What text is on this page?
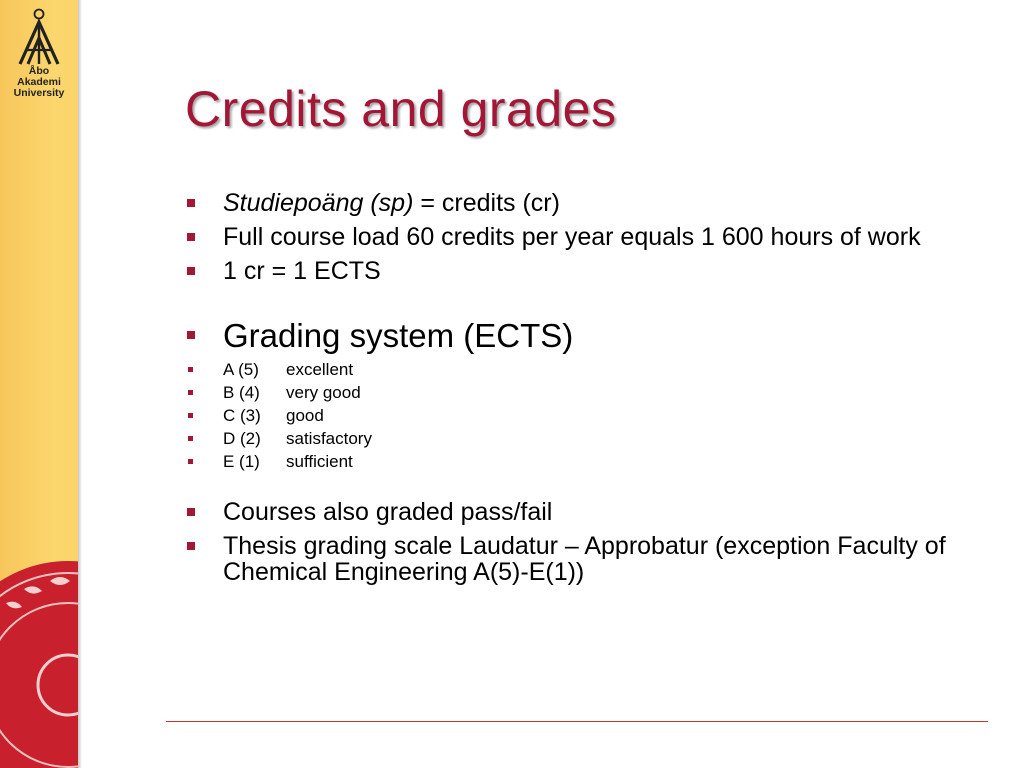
Åbo Akademi
University Credits and grades
Studiepoäng (sp) = credits (cr)
Full course load 60 credits per year equals 1 600 hours of work
1 cr = 1 ECTS
Grading system (ECTS)
A (5) excellent
B (4) very good
C (3) good
D (2) satisfactory
E (1) sufficient
Courses also graded pass/fail
Thesis grading scale Laudatur – Approbatur (exception Faculty of Chemical Engineering A(5)-E(1))
